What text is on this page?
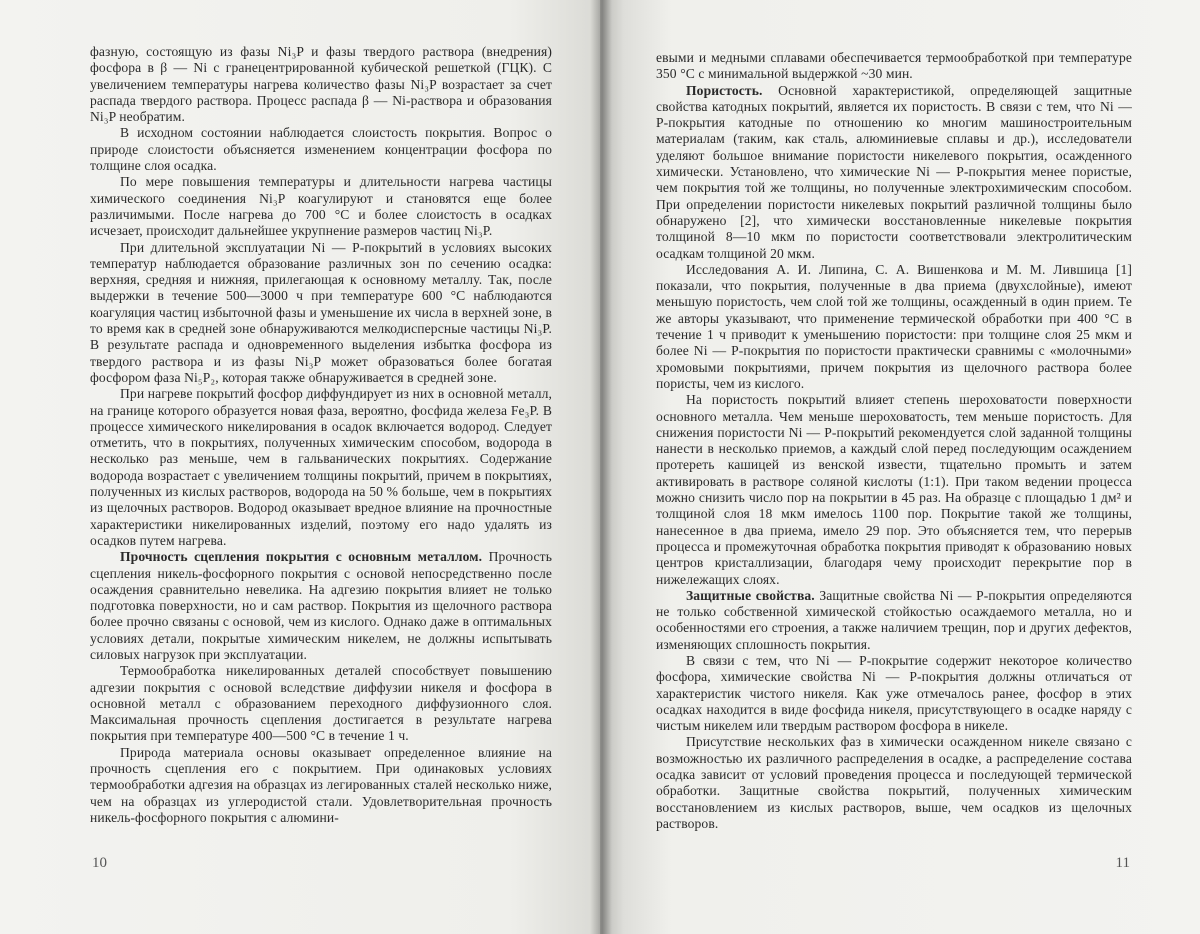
фазную, состоящую из фазы Ni₃P и фазы твердого раствора (внедрения) фосфора в β — Ni с гранецентрированной кубической решеткой (ГЦК). С увеличением температуры нагрева количество фазы Ni₃P возрастает за счет распада твердого раствора. Процесс распада β — Ni-раствора и образования Ni₃P необратим.

В исходном состоянии наблюдается слоистость покрытия. Вопрос о природе слоистости объясняется изменением концентрации фосфора по толщине слоя осадка.

По мере повышения температуры и длительности нагрева частицы химического соединения Ni₃P коагулируют и становятся еще более различимыми. После нагрева до 700 °С и более слоистость в осадках исчезает, происходит дальнейшее укрупнение размеров частиц Ni₃P.

При длительной эксплуатации Ni — P-покрытий в условиях высоких температур наблюдается образование различных зон по сечению осадка: верхняя, средняя и нижняя, прилегающая к основному металлу. Так, после выдержки в течение 500—3000 ч при температуре 600 °С наблюдаются коагуляция частиц избыточной фазы и уменьшение их числа в верхней зоне, в то время как в средней зоне обнаруживаются мелкодисперсные частицы Ni₃P. В результате распада и одновременного выделения избытка фосфора из твердого раствора и из фазы Ni₃P может образоваться более богатая фосфором фаза Ni₅P₂, которая также обнаруживается в средней зоне.

При нагреве покрытий фосфор диффундирует из них в основной металл, на границе которого образуется новая фаза, вероятно, фосфида железа Fe₃P. В процессе химического никелирования в осадок включается водород. Следует отметить, что в покрытиях, полученных химическим способом, водорода в несколько раз меньше, чем в гальванических покрытиях. Содержание водорода возрастает с увеличением толщины покрытий, причем в покрытиях, полученных из кислых растворов, водорода на 50 % больше, чем в покрытиях из щелочных растворов. Водород оказывает вредное влияние на прочностные характеристики никелированных изделий, поэтому его надо удалять из осадков путем нагрева.

Прочность сцепления покрытия с основным металлом. Прочность сцепления никель-фосфорного покрытия с основой непосредственно после осаждения сравнительно невелика. На адгезию покрытия влияет не только подготовка поверхности, но и сам раствор. Покрытия из щелочного раствора более прочно связаны с основой, чем из кислого. Однако даже в оптимальных условиях детали, покрытые химическим никелем, не должны испытывать силовых нагрузок при эксплуатации.

Термообработка никелированных деталей способствует повышению адгезии покрытия с основой вследствие диффузии никеля и фосфора в основной металл с образованием переходного диффузионного слоя. Максимальная прочность сцепления достигается в результате нагрева покрытия при температуре 400—500 °С в течение 1 ч.

Природа материала основы оказывает определенное влияние на прочность сцепления его с покрытием. При одинаковых условиях термообработки адгезия на образцах из легированных сталей несколько ниже, чем на образцах из углеродистой стали. Удовлетворительная прочность никель-фосфорного покрытия с алюмини-

10

евыми и медными сплавами обеспечивается термообработкой при температуре 350 °С с минимальной выдержкой ~30 мин.

Пористость. Основной характеристикой, определяющей защитные свойства катодных покрытий, является их пористость. В связи с тем, что Ni — P-покрытия катодные по отношению ко многим машиностроительным материалам (таким, как сталь, алюминиевые сплавы и др.), исследователи уделяют большое внимание пористости никелевого покрытия, осажденного химически. Установлено, что химические Ni — P-покрытия менее пористые, чем покрытия той же толщины, но полученные электрохимическим способом. При определении пористости никелевых покрытий различной толщины было обнаружено [2], что химически восстановленные никелевые покрытия толщиной 8—10 мкм по пористости соответствовали электролитическим осадкам толщиной 20 мкм.

Исследования А. И. Липина, С. А. Вишенкова и М. М. Лившица [1] показали, что покрытия, полученные в два приема (двухслойные), имеют меньшую пористость, чем слой той же толщины, осажденный в один прием. Те же авторы указывают, что применение термической обработки при 400 °С в течение 1 ч приводит к уменьшению пористости: при толщине слоя 25 мкм и более Ni — P-покрытия по пористости практически сравнимы с «молочными» хромовыми покрытиями, причем покрытия из щелочного раствора более пористы, чем из кислого.

На пористость покрытий влияет степень шероховатости поверхности основного металла. Чем меньше шероховатость, тем меньше пористость. Для снижения пористости Ni — P-покрытий рекомендуется слой заданной толщины нанести в несколько приемов, а каждый слой перед последующим осаждением протереть кашицей из венской извести, тщательно промыть и затем активировать в растворе соляной кислоты (1:1). При таком ведении процесса можно снизить число пор на покрытии в 45 раз. На образце с площадью 1 дм² и толщиной слоя 18 мкм имелось 1100 пор. Покрытие такой же толщины, нанесенное в два приема, имело 29 пор. Это объясняется тем, что перерыв процесса и промежуточная обработка покрытия приводят к образованию новых центров кристаллизации, благодаря чему происходит перекрытие пор в нижележащих слоях.

Защитные свойства. Защитные свойства Ni — P-покрытия определяются не только собственной химической стойкостью осаждаемого металла, но и особенностями его строения, а также наличием трещин, пор и других дефектов, изменяющих сплошность покрытия.

В связи с тем, что Ni — P-покрытие содержит некоторое количество фосфора, химические свойства Ni — P-покрытия должны отличаться от характеристик чистого никеля. Как уже отмечалось ранее, фосфор в этих осадках находится в виде фосфида никеля, присутствующего в осадке наряду с чистым никелем или твердым раствором фосфора в никеле.

Присутствие нескольких фаз в химически осажденном никеле связано с возможностью их различного распределения в осадке, а распределение состава осадка зависит от условий проведения процесса и последующей термической обработки. Защитные свойства покрытий, полученных химическим восстановлением из кислых растворов, выше, чем осадков из щелочных растворов.

11
